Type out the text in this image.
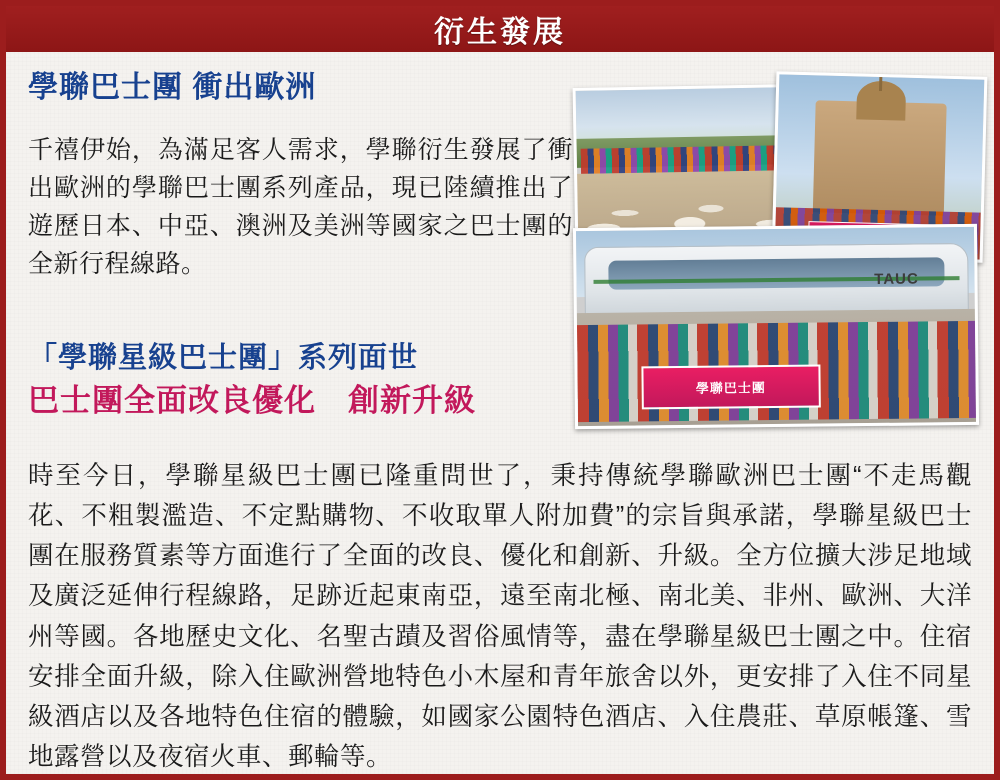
衍生發展
學聯巴士團 衝出歐洲

千禧伊始，為滿足客人需求，學聯衍生發展了衝出歐洲的學聯巴士團系列產品，現已陸續推出了遊歷日本、中亞、澳洲及美洲等國家之巴士團的全新行程線路。

「學聯星級巴士團」系列面世
巴士團全面改良優化　創新升級

時至今日，學聯星級巴士團已隆重問世了，秉持傳統學聯歐洲巴士團“不走馬觀花、不粗製濫造、不定點購物、不收取單人附加費”的宗旨與承諾，學聯星級巴士團在服務質素等方面進行了全面的改良、優化和創新、升級。全方位擴大涉足地域及廣泛延伸行程線路，足跡近起東南亞，遠至南北極、南北美、非州、歐洲、大洋州等國。各地歷史文化、名聖古蹟及習俗風情等，盡在學聯星級巴士團之中。住宿安排全面升級，除入住歐洲營地特色小木屋和青年旅舍以外，更安排了入住不同星級酒店以及各地特色住宿的體驗，如國家公園特色酒店、入住農莊、草原帳篷、雪地露營以及夜宿火車、郵輪等。

TAUC
學聯巴士團
